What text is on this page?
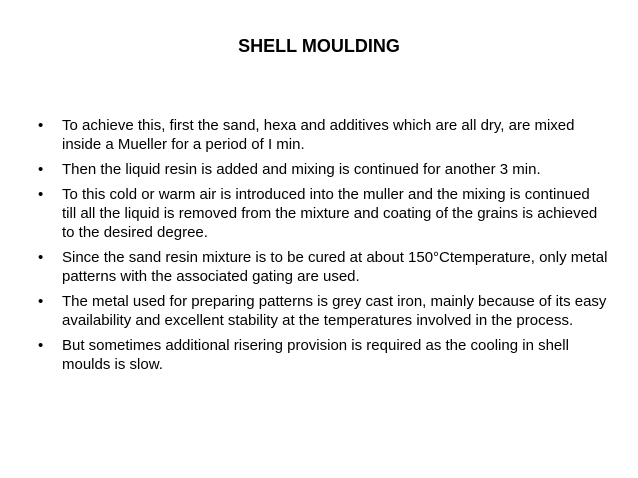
SHELL MOULDING
• To achieve this, first the sand, hexa and additives which are all dry, are mixed inside a Mueller for a period of I min.
• Then the liquid resin is added and mixing is continued for another 3 min.
• To this cold or warm air is introduced into the muller and the mixing is continued till all the liquid is removed from the mixture and coating of the grains is achieved to the desired degree.
• Since the sand resin mixture is to be cured at about 150°Ctemperature, only metal patterns with the associated gating are used.
• The metal used for preparing patterns is grey cast iron, mainly because of its easy availability and excellent stability at the temperatures involved in the process.
• But sometimes additional risering provision is required as the cooling in shell moulds is slow.
